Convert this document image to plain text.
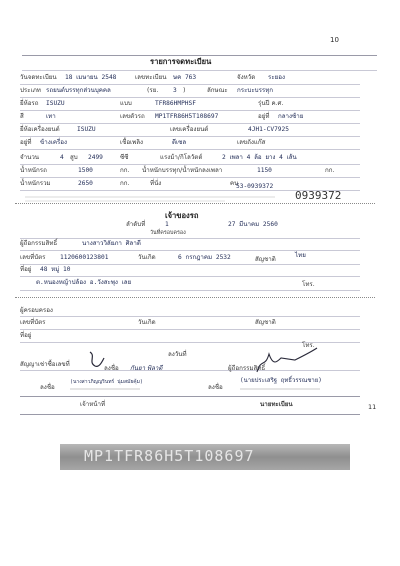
10
รายการจดทะเบียน
วันจดทะเบียน 18 เมษายน 2548	เลขทะเบียน ษค 763	จังหวัด ระยอง
ประเภท รถยนต์บรรทุกส่วนบุคคล	(รย. 3 )	ลักษณะ กระบะบรรทุก
ยี่ห้อรถ ISUZU	แบบ	TFR86HMPHSF	รุ่นปี ค.ศ.
สี	เทา	เลขตัวรถ MP1TFR86H5T108697	อยู่ที่ กลางซ้าย
ยี่ห้อเครื่องยนต์	ISUZU	เลขเครื่องยนต์	4JH1-CV7925
อยู่ที่ ข้างเครื่อง	เชื้อเพลิง	ดีเซล	เลขถังแก๊ส
จำนวน	4 สูบ 2499	ซีซี	แรงม้า/กิโลวัตต์	2 เพลา 4 ล้อ ยาง 4 เส้น
น้ำหนักรถ	1500	กก. น้ำหนักบรรทุก/น้ำหนักลงเพลา	1150	กก.
น้ำหนักรวม	2650	กก.	ที่นั่ง	คน
53-0939372
0939372
เจ้าของรถ
ลำดับที่	1
วันที่ครอบครอง
27 มีนาคม 2560
ผู้ถือกรรมสิทธิ์	นางสาววิลัยภา ศิลาดี
เลขที่บัตร 1120600123801	วันเกิด	6 กรกฎาคม 2532	สัญชาติ
ไทย
ที่อยู่ 48 หมู่ 10
ต.หนองหญ้าปล้อง อ.วังสะพุง เลย	โทร.
ผู้ครอบครอง
เลขที่บัตร	วันเกิด	สัญชาติ
ที่อยู่
โทร.
ลงวันที่
สัญญาเช่าซื้อเลขที่
ลงชื่อ กันยา พิลาดี	ผู้ถือกรรมสิทธิ์
ลงชื่อ
(นางสาวภิญญรินทร์ นุ่มสมัยคุ้ม)
ลงชื่อ
(นายประเสริฐ ฤทธิ์วรรณชาย)
เจ้าหน้าที่	นายทะเบียน	11
MP1TFR86H5T108697
